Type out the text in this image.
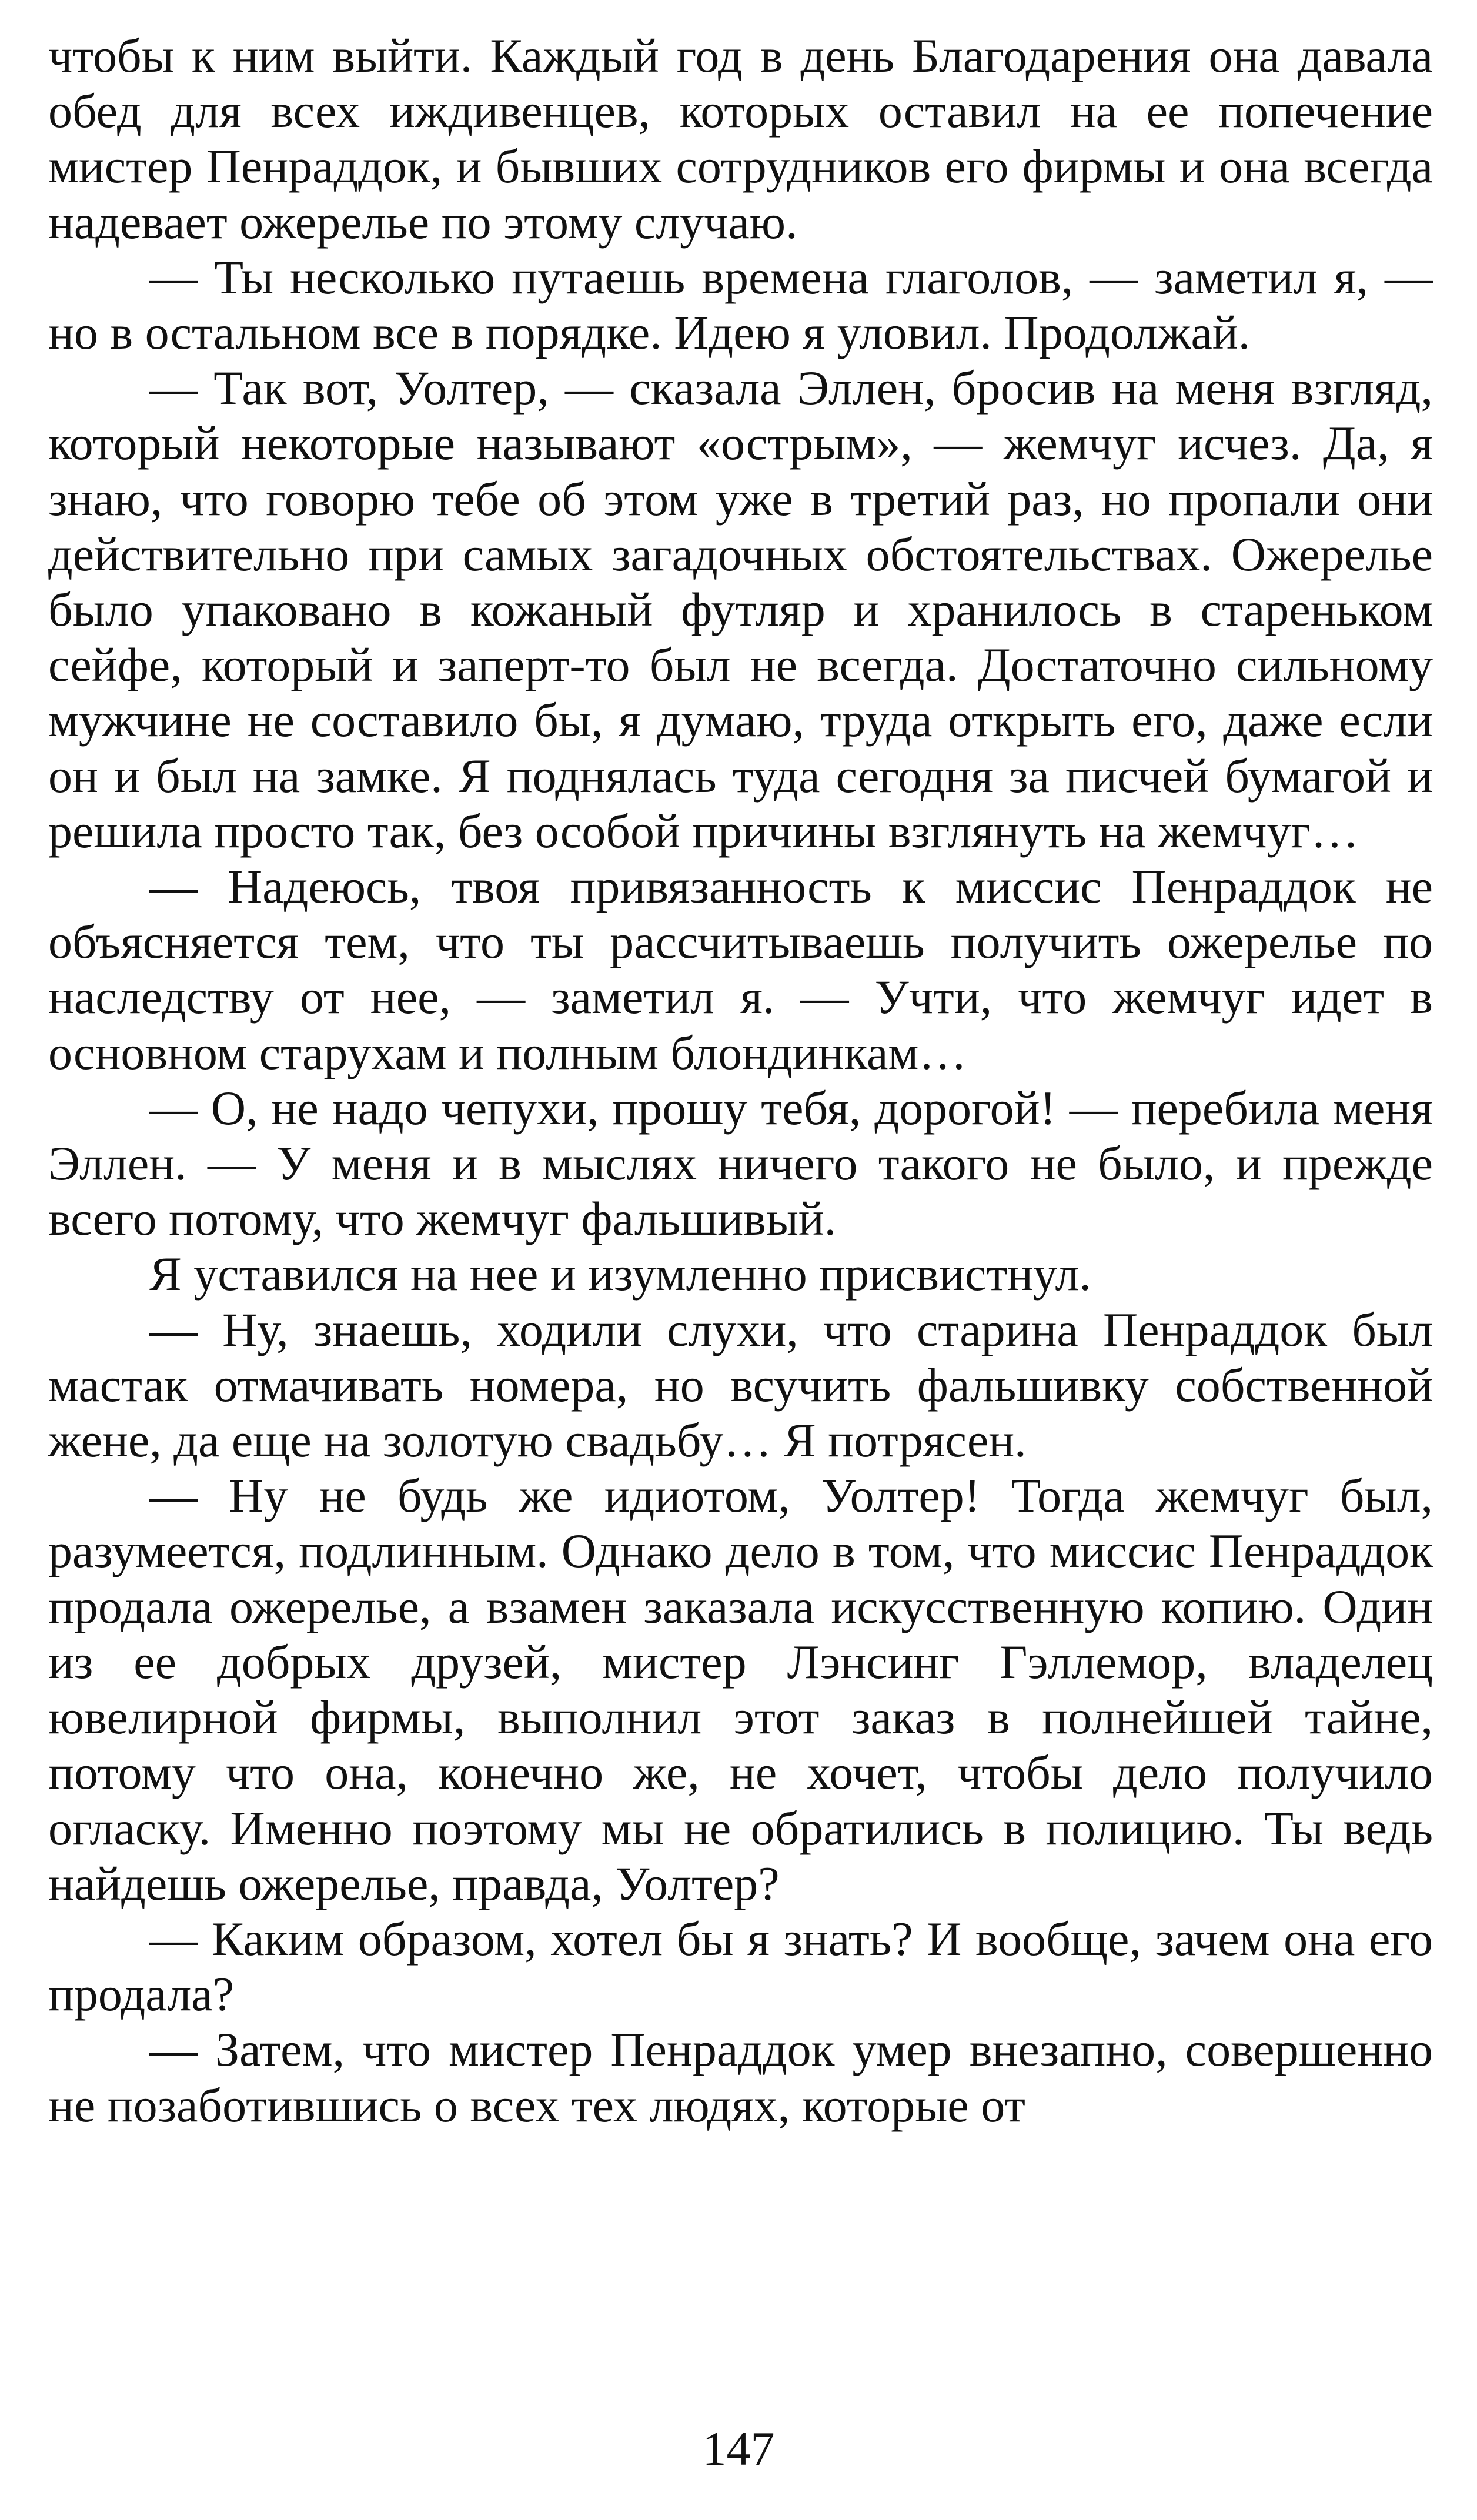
чтобы к ним выйти. Каждый год в день Благодарения она давала обед для всех иждивенцев, которых оставил на ее попечение мистер Пенраддок, и бывших сотрудников его фирмы и она всегда надевает ожерелье по этому случаю.

— Ты несколько путаешь времена глаголов, — заметил я, — но в остальном все в порядке. Идею я уловил. Продолжай.

— Так вот, Уолтер, — сказала Эллен, бросив на меня взгляд, который некоторые называют «острым», — жемчуг исчез. Да, я знаю, что говорю тебе об этом уже в третий раз, но пропали они действительно при самых загадочных обстоятельствах. Ожерелье было упаковано в кожаный футляр и хранилось в стареньком сейфе, который и заперт-то был не всегда. Достаточно сильному мужчине не составило бы, я думаю, труда открыть его, даже если он и был на замке. Я поднялась туда сегодня за писчей бумагой и решила просто так, без особой причины взглянуть на жемчуг…

— Надеюсь, твоя привязанность к миссис Пенраддок не объясняется тем, что ты рассчитываешь получить ожерелье по наследству от нее, — заметил я. — Учти, что жемчуг идет в основном старухам и полным блондинкам…

— О, не надо чепухи, прошу тебя, дорогой! — перебила меня Эллен. — У меня и в мыслях ничего такого не было, и прежде всего потому, что жемчуг фальшивый.

Я уставился на нее и изумленно присвистнул.

— Ну, знаешь, ходили слухи, что старина Пенраддок был мастак отмачивать номера, но всучить фальшивку собственной жене, да еще на золотую свадьбу… Я потрясен.

— Ну не будь же идиотом, Уолтер! Тогда жемчуг был, разумеется, подлинным. Однако дело в том, что миссис Пенраддок продала ожерелье, а взамен заказала искусственную копию. Один из ее добрых друзей, мистер Лэнсинг Гэллемор, владелец ювелирной фирмы, выполнил этот заказ в полнейшей тайне, потому что она, конечно же, не хочет, чтобы дело получило огласку. Именно поэтому мы не обратились в полицию. Ты ведь найдешь ожерелье, правда, Уолтер?

— Каким образом, хотел бы я знать? И вообще, зачем она его продала?

— Затем, что мистер Пенраддок умер внезапно, совершенно не позаботившись о всех тех людях, которые от

147
